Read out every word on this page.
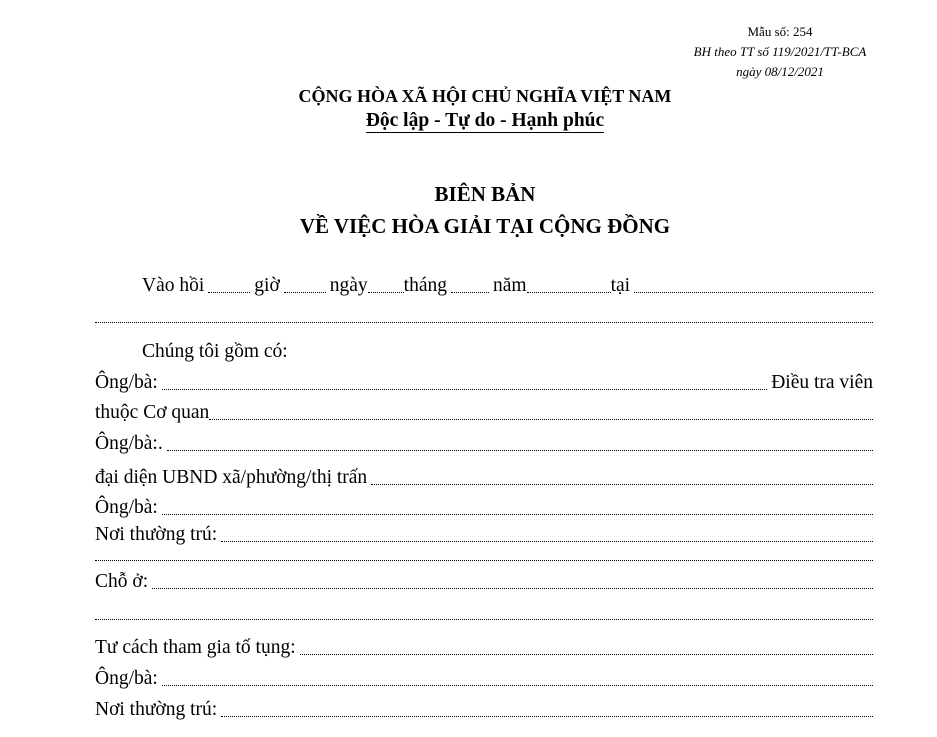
Mẫu số: 254
BH theo TT số 119/2021/TT-BCA
ngày 08/12/2021
CỘNG HÒA XÃ HỘI CHỦ NGHĨA VIỆT NAM
Độc lập - Tự do - Hạnh phúc
BIÊN BẢN
VỀ VIỆC HÒA GIẢI TẠI CỘNG ĐỒNG
Vào hồi	giờ	ngày tháng năm	tại
Chúng tôi gồm có:
Ông/bà:	Điều tra viên
thuộc Cơ quan
Ông/bà:.
đại diện UBND xã/phường/thị trấn
Ông/bà:
Nơi thường trú:
Chỗ ở:
Tư cách tham gia tố tụng:
Ông/bà:
Nơi thường trú:
